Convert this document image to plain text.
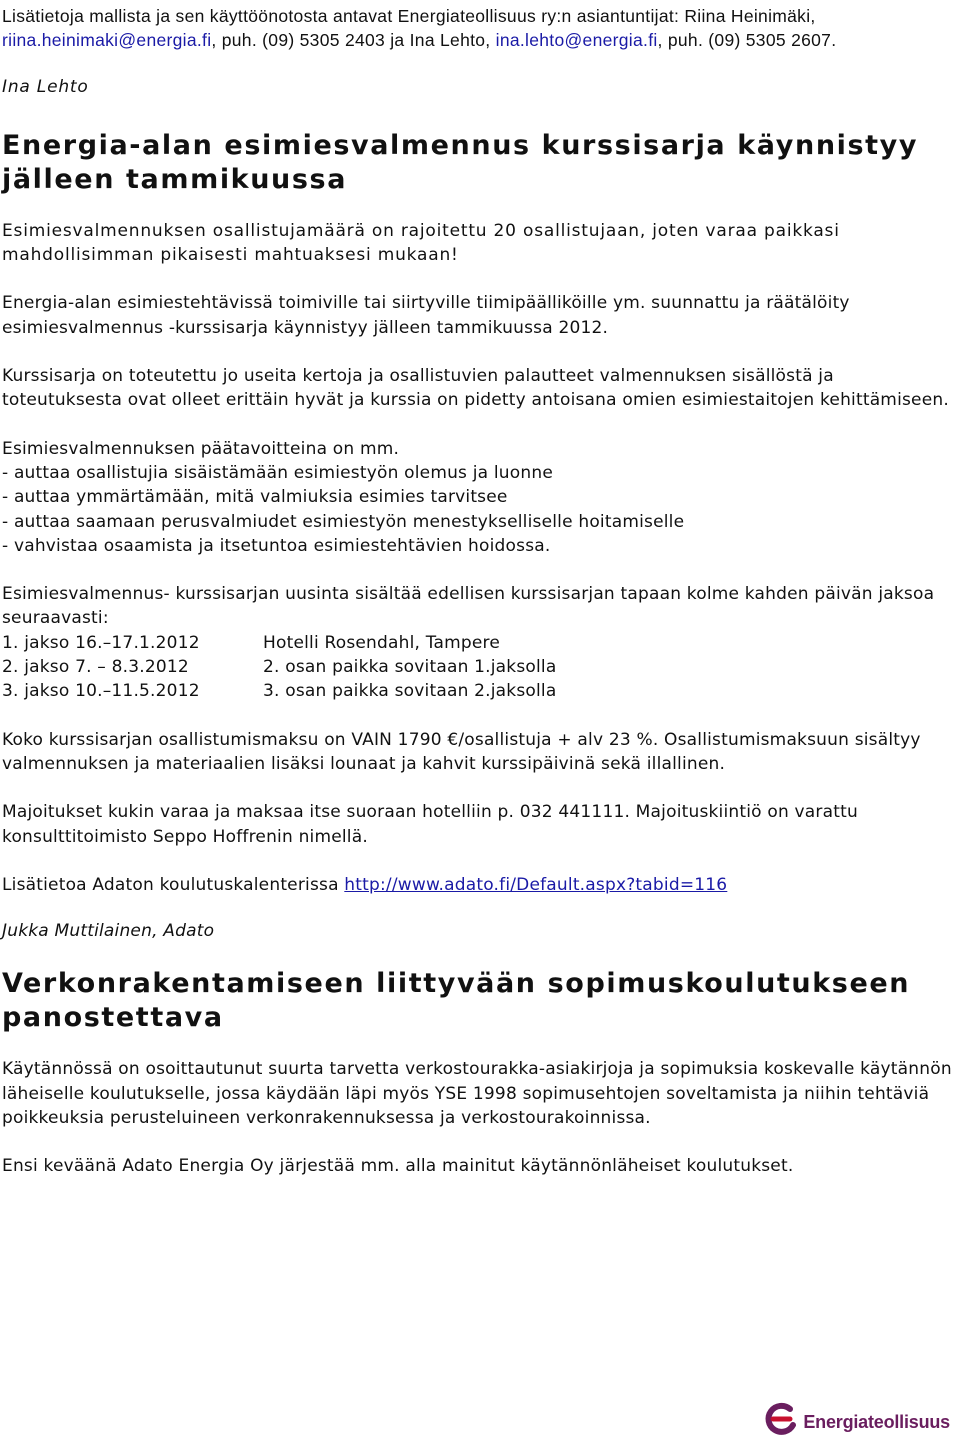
Lisätietoja mallista ja sen käyttöönotosta antavat Energiateollisuus ry:n asiantuntijat: Riina Heinimäki, riina.heinimaki@energia.fi, puh. (09) 5305 2403 ja Ina Lehto, ina.lehto@energia.fi, puh. (09) 5305 2607.

Ina Lehto

Energia-alan esimiesvalmennus kurssisarja käynnistyy jälleen tammikuussa

Esimiesvalmennuksen osallistujamäärä on rajoitettu 20 osallistujaan, joten varaa paikkasi mahdollisimman pikaisesti mahtuaksesi mukaan!

Energia-alan esimiestehtävissä toimiville tai siirtyville tiimipäälliköille ym. suunnattu ja räätälöity esimiesvalmennus -kurssisarja käynnistyy jälleen tammikuussa 2012.

Kurssisarja on toteutettu jo useita kertoja ja osallistuvien palautteet valmennuksen sisällöstä ja toteutuksesta ovat olleet erittäin hyvät ja kurssia on pidetty antoisana omien esimiestaitojen kehittämiseen.

Esimiesvalmennuksen päätavoitteina on mm.

- auttaa osallistujia sisäistämään esimiestyön olemus ja luonne

- auttaa ymmärtämään, mitä valmiuksia esimies tarvitsee

- auttaa saamaan perusvalmiudet esimiestyön menestykselliselle hoitamiselle

- vahvistaa osaamista ja itsetuntoa esimiestehtävien hoidossa.

Esimiesvalmennus- kurssisarjan uusinta sisältää edellisen kurssisarjan tapaan kolme kahden päivän jaksoa seuraavasti:

1. jakso 16.–17.1.2012	Hotelli Rosendahl, Tampere
2. jakso 7. – 8.3.2012	2. osan paikka sovitaan 1.jaksolla
3. jakso 10.–11.5.2012	3. osan paikka sovitaan 2.jaksolla

Koko kurssisarjan osallistumismaksu on VAIN 1790 €/osallistuja + alv 23 %. Osallistumismaksuun sisältyy valmennuksen ja materiaalien lisäksi lounaat ja kahvit kurssipäivinä sekä illallinen.

Majoitukset kukin varaa ja maksaa itse suoraan hotelliin p. 032 441111. Majoituskiintiö on varattu konsulttitoimisto Seppo Hoffrenin nimellä.

Lisätietoa Adaton koulutuskalenterissa http://www.adato.fi/Default.aspx?tabid=116

Jukka Muttilainen, Adato

Verkonrakentamiseen liittyvään sopimuskoulutukseen panostettava

Käytännössä on osoittautunut suurta tarvetta verkostourakka-asiakirjoja ja sopimuksia koskevalle käytännön läheiselle koulutukselle, jossa käydään läpi myös YSE 1998 sopimusehtojen soveltamista ja niihin tehtäviä poikkeuksia perusteluineen verkonrakennuksessa ja verkostourakoinnissa.

Ensi keväänä Adato Energia Oy järjestää mm. alla mainitut käytännönläheiset koulutukset.

Energiateollisuus
